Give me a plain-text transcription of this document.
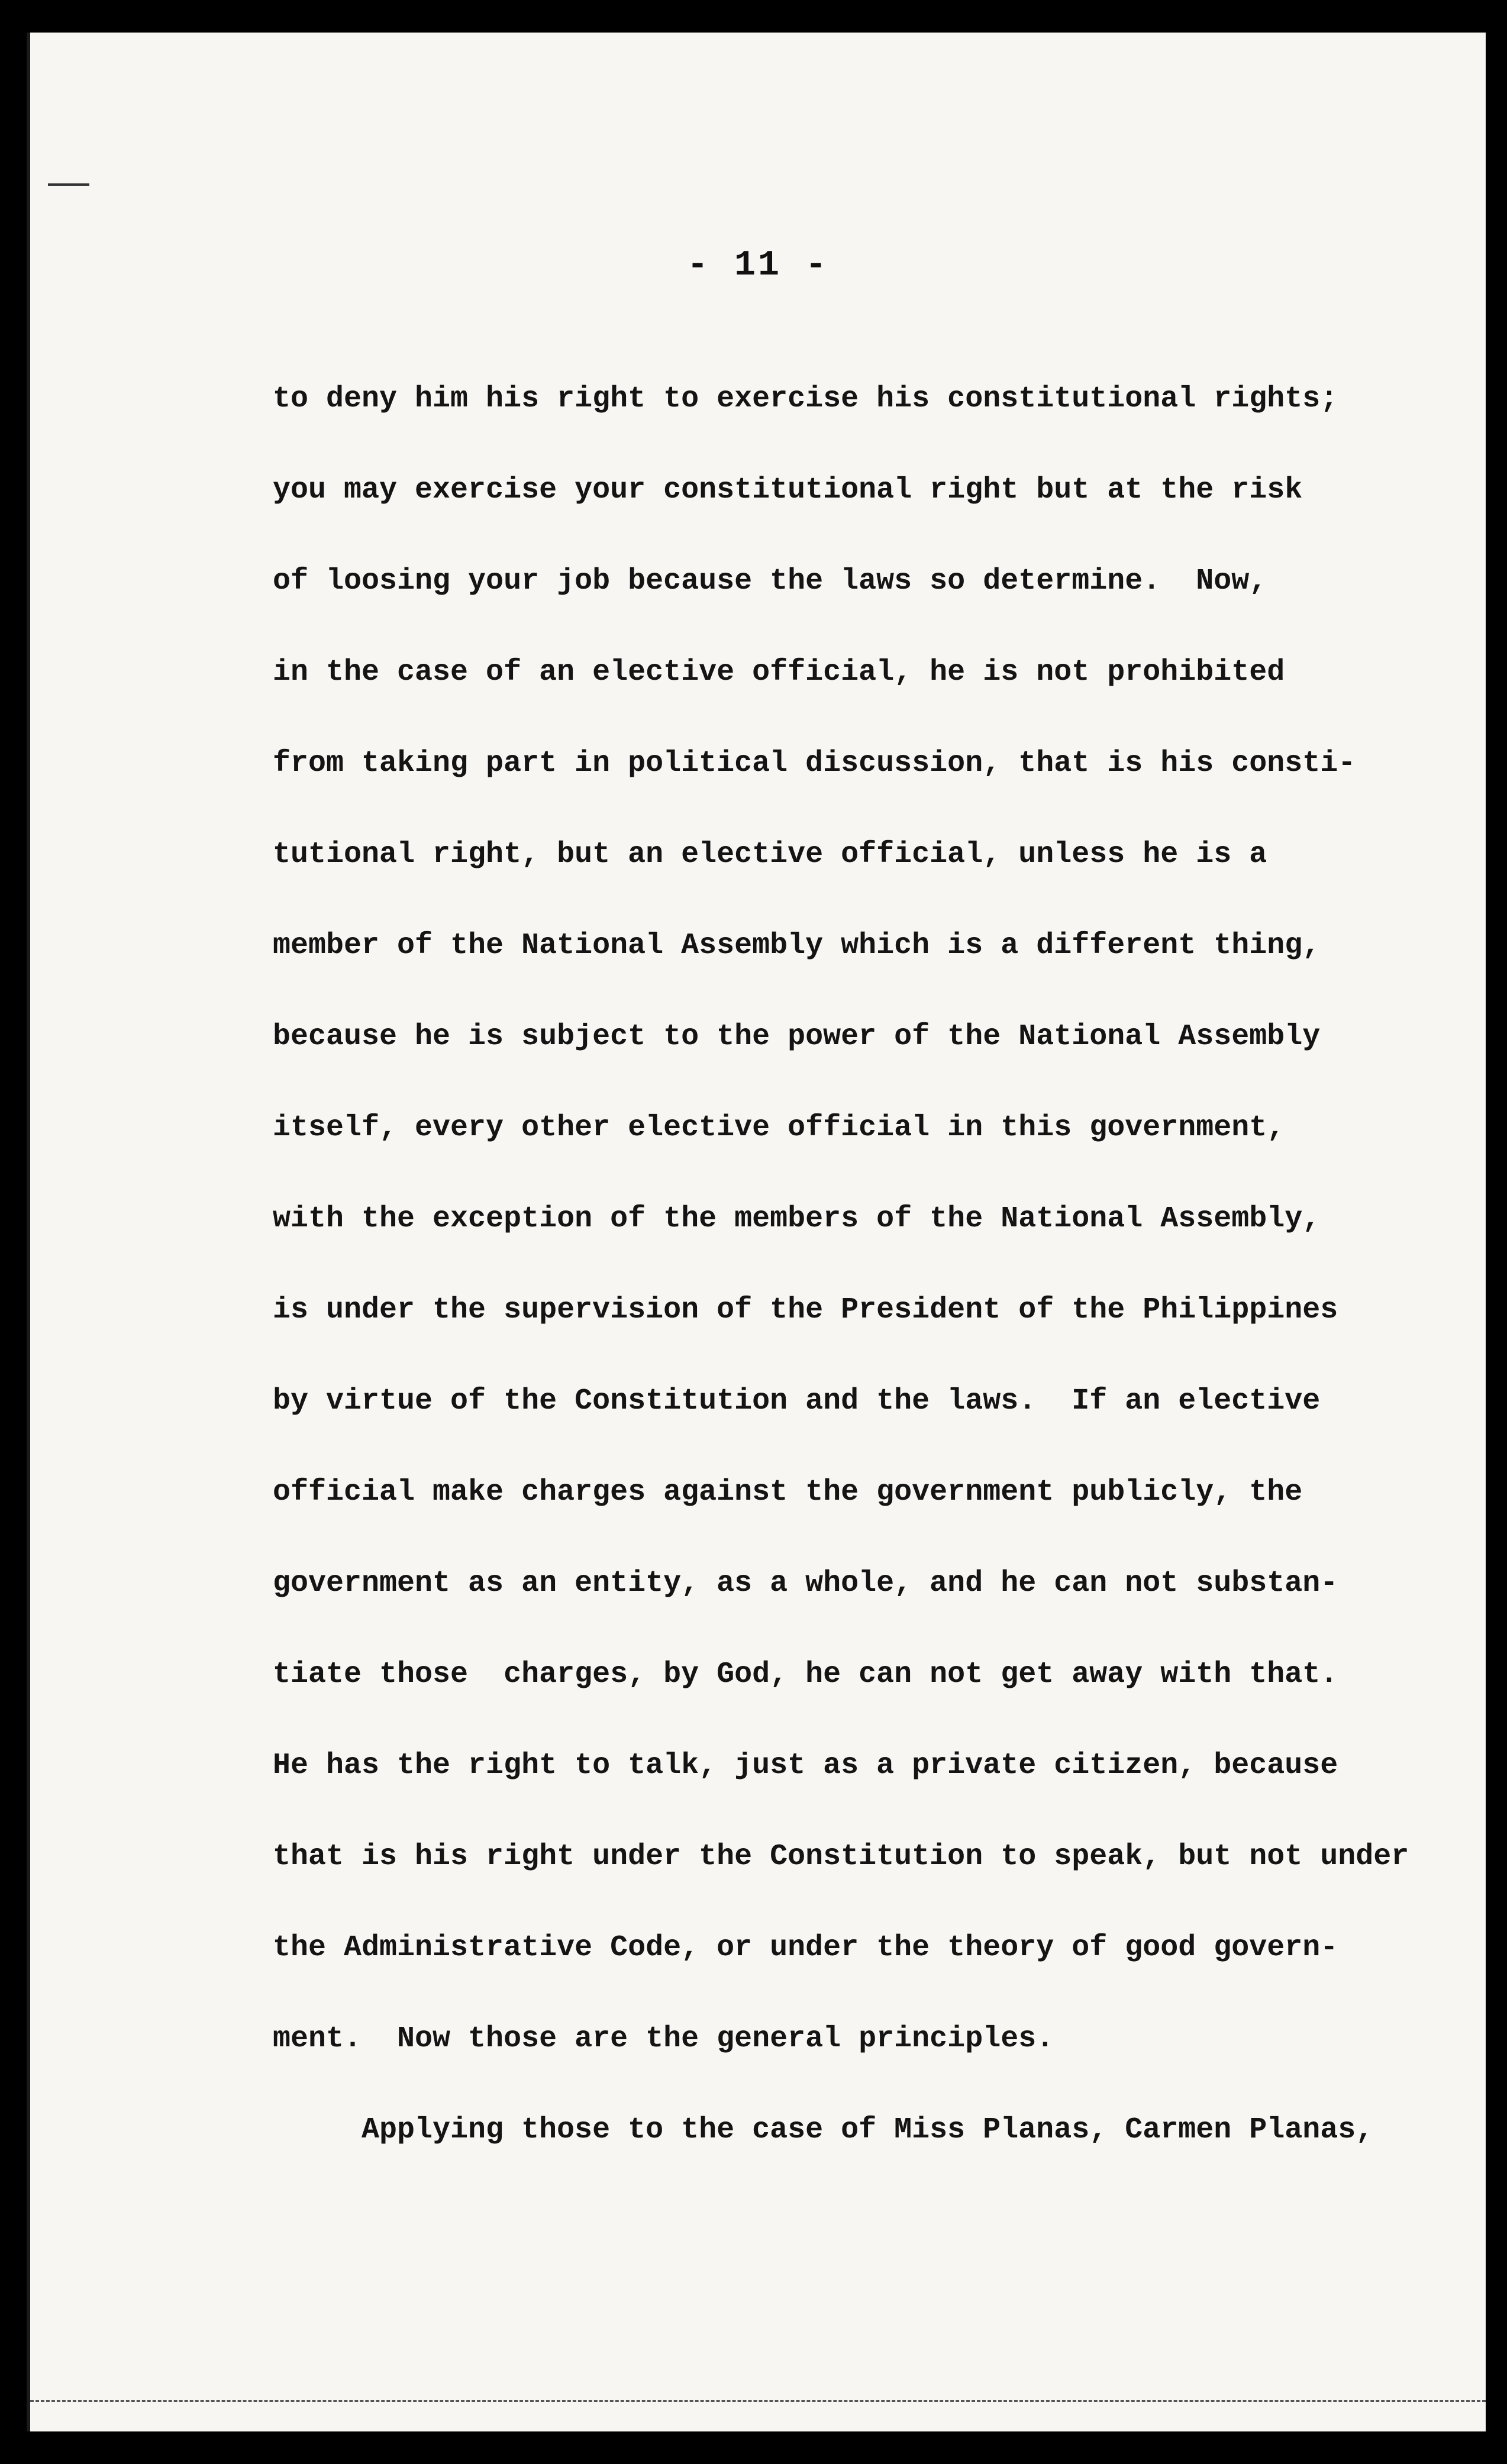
- 11 -
to deny him his right to exercise his constitutional rights;
you may exercise your constitutional right but at the risk
of loosing your job because the laws so determine.  Now,
in the case of an elective official, he is not prohibited
from taking part in political discussion, that is his consti-
tutional right, but an elective official, unless he is a
member of the National Assembly which is a different thing,
because he is subject to the power of the National Assembly
itself, every other elective official in this government,
with the exception of the members of the National Assembly,
is under the supervision of the President of the Philippines
by virtue of the Constitution and the laws.  If an elective
official make charges against the government publicly, the
government as an entity, as a whole, and he can not substan-
tiate those  charges, by God, he can not get away with that.
He has the right to talk, just as a private citizen, because
that is his right under the Constitution to speak, but not under
the Administrative Code, or under the theory of good govern-
ment.  Now those are the general principles.
Applying those to the case of Miss Planas, Carmen Planas,
